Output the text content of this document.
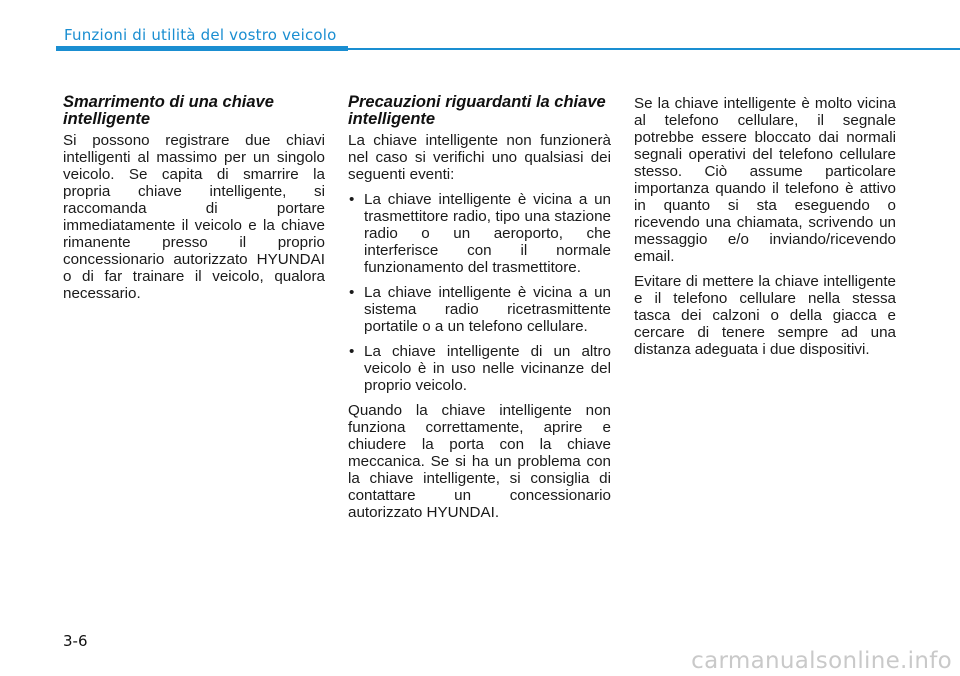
Funzioni di utilità del vostro veicolo
Smarrimento di una chiave intelligente

Si possono registrare due chiavi intelligenti al massimo per un singolo veicolo. Se capita di smarrire la propria chiave intelligente, si raccomanda di portare immediatamente il veicolo e la chiave rimanente presso il proprio concessionario autorizzato HYUNDAI o di far trainare il veicolo, qualora necessario.

Precauzioni riguardanti la chiave intelligente

La chiave intelligente non funzionerà nel caso si verifichi uno qualsiasi dei seguenti eventi:

• La chiave intelligente è vicina a un trasmettitore radio, tipo una stazione radio o un aeroporto, che interferisce con il normale funzionamento del trasmettitore.
• La chiave intelligente è vicina a un sistema radio ricetrasmittente portatile o a un telefono cellulare.
• La chiave intelligente di un altro veicolo è in uso nelle vicinanze del proprio veicolo.

Quando la chiave intelligente non funziona correttamente, aprire e chiudere la porta con la chiave meccanica. Se si ha un problema con la chiave intelligente, si consiglia di contattare un concessionario autorizzato HYUNDAI.

Se la chiave intelligente è molto vicina al telefono cellulare, il segnale potrebbe essere bloccato dai normali segnali operativi del telefono cellulare stesso. Ciò assume particolare importanza quando il telefono è attivo in quanto si sta eseguendo o ricevendo una chiamata, scrivendo un messaggio e/o inviando/ricevendo email.

Evitare di mettere la chiave intelligente e il telefono cellulare nella stessa tasca dei calzoni o della giacca e cercare di tenere sempre ad una distanza adeguata i due dispositivi.

3-6
carmanualsonline.info
